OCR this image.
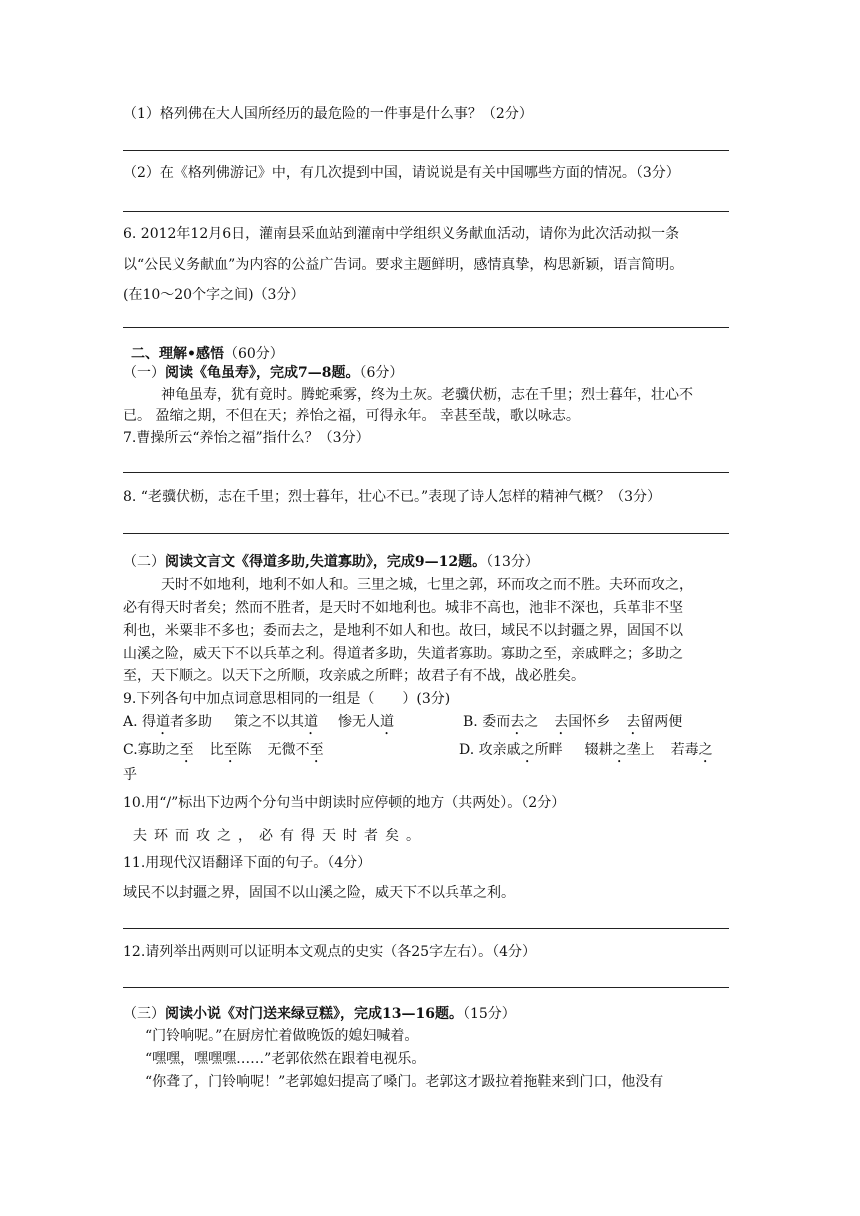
（1）格列佛在大人国所经历的最危险的一件事是什么事？（2分）
（2）在《格列佛游记》中，有几次提到中国，请说说是有关中国哪些方面的情况。（3分）
6. 2012年12月6日，灌南县采血站到灌南中学组织义务献血活动，请你为此次活动拟一条
以“公民义务献血”为内容的公益广告词。要求主题鲜明，感情真挚，构思新颖，语言简明。
(在10～20个字之间)（3分）
二、理解•感悟（60分）
（一）阅读《龟虽寿》，完成7—8题。（6分）
神龟虽寿，犹有竟时。腾蛇乘雾，终为土灰。老骥伏枥，志在千里；烈士暮年，壮心不
已。 盈缩之期，不但在天；养怡之福，可得永年。 幸甚至哉，歌以咏志。
7.曹操所云“养怡之福”指什么？（3分）
8. “老骥伏枥，志在千里；烈士暮年，壮心不已。”表现了诗人怎样的精神气概？（3分）
（二）阅读文言文《得道多助,失道寡助》，完成9—12题。（13分）
天时不如地利，地利不如人和。三里之城，七里之郭，环而攻之而不胜。夫环而攻之，
必有得天时者矣；然而不胜者，是天时不如地利也。城非不高也，池非不深也，兵革非不坚
利也，米粟非不多也；委而去之，是地利不如人和也。故曰，域民不以封疆之界，固国不以
山溪之险，威天下不以兵革之利。得道者多助，失道者寡助。寡助之至，亲戚畔之；多助之
至，天下顺之。以天下之所顺，攻亲戚之所畔；故君子有不战，战必胜矣。
9.下列各句中加点词意思相同的一组是（　　）(3分)
A. 得道者多助 策之不以其道 惨无人道	B. 委而去之 去国怀乡 去留两便
C.寡助之至 比至陈 无微不至	D. 攻亲戚之所畔 辍耕之垄上 若毒之
乎
10.用“/”标出下边两个分句当中朗读时应停顿的地方（共两处）。（2分）
夫环而攻之，必有得天时者矣。
11.用现代汉语翻译下面的句子。（4分）
域民不以封疆之界，固国不以山溪之险，威天下不以兵革之利。
12.请列举出两则可以证明本文观点的史实（各25字左右）。（4分）
（三）阅读小说《对门送来绿豆糕》，完成13—16题。（15分）
“门铃响呢。”在厨房忙着做晚饭的媳妇喊着。
“嘿嘿，嘿嘿嘿……”老郭依然在跟着电视乐。
“你聋了，门铃响呢！”老郭媳妇提高了嗓门。老郭这才趿拉着拖鞋来到门口，他没有
